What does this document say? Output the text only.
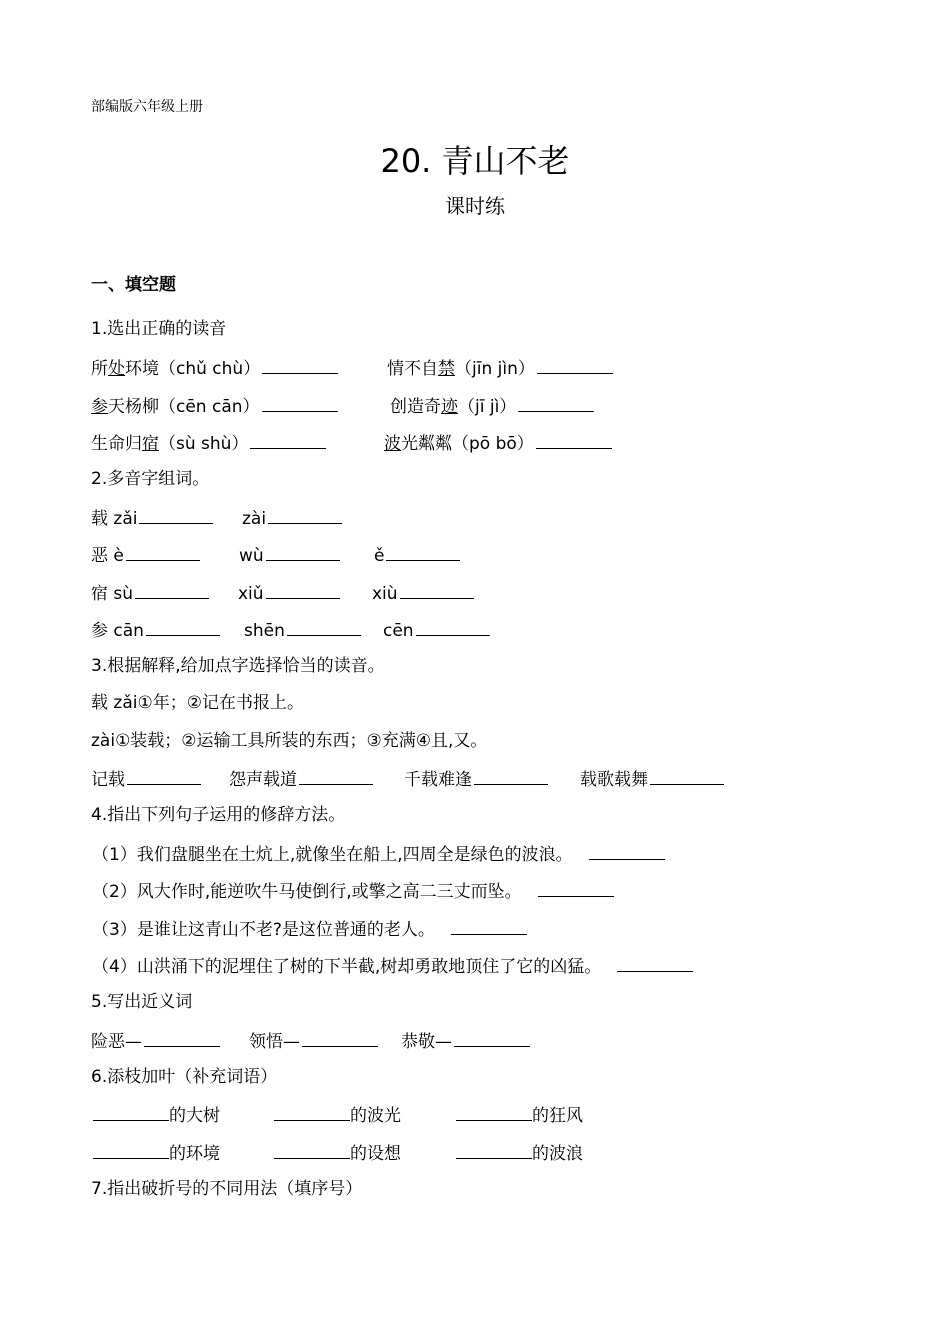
部编版六年级上册
20. 青山不老
课时练
一、填空题
1.选出正确的读音
所处环境（chǔ chù）	情不自禁（jīn jìn）
参天杨柳（cēn cān）	创造奇迹（jī jì）
生命归宿（sù shù）	波光粼粼（pō bō）
2.多音字组词。
载 zǎi	zài
恶 è	wù	ě
宿 sù	xiǔ	xiù
参 cān	shēn	cēn
3.根据解释,给加点字选择恰当的读音。
载 zǎi①年；②记在书报上。
zài①装载；②运输工具所装的东西；③充满④且,又。
记载	怨声载道	千载难逢	载歌载舞
4.指出下列句子运用的修辞方法。
（1）我们盘腿坐在土炕上,就像坐在船上,四周全是绿色的波浪。
（2）风大作时,能逆吹牛马使倒行,或擎之高二三丈而坠。
（3）是谁让这青山不老?是这位普通的老人。
（4）山洪涌下的泥埋住了树的下半截,树却勇敢地顶住了它的凶猛。
5.写出近义词
险恶—	领悟—	恭敬—
6.添枝加叶（补充词语）
的大树	的波光	的狂风
的环境	的设想	的波浪
7.指出破折号的不同用法（填序号）
